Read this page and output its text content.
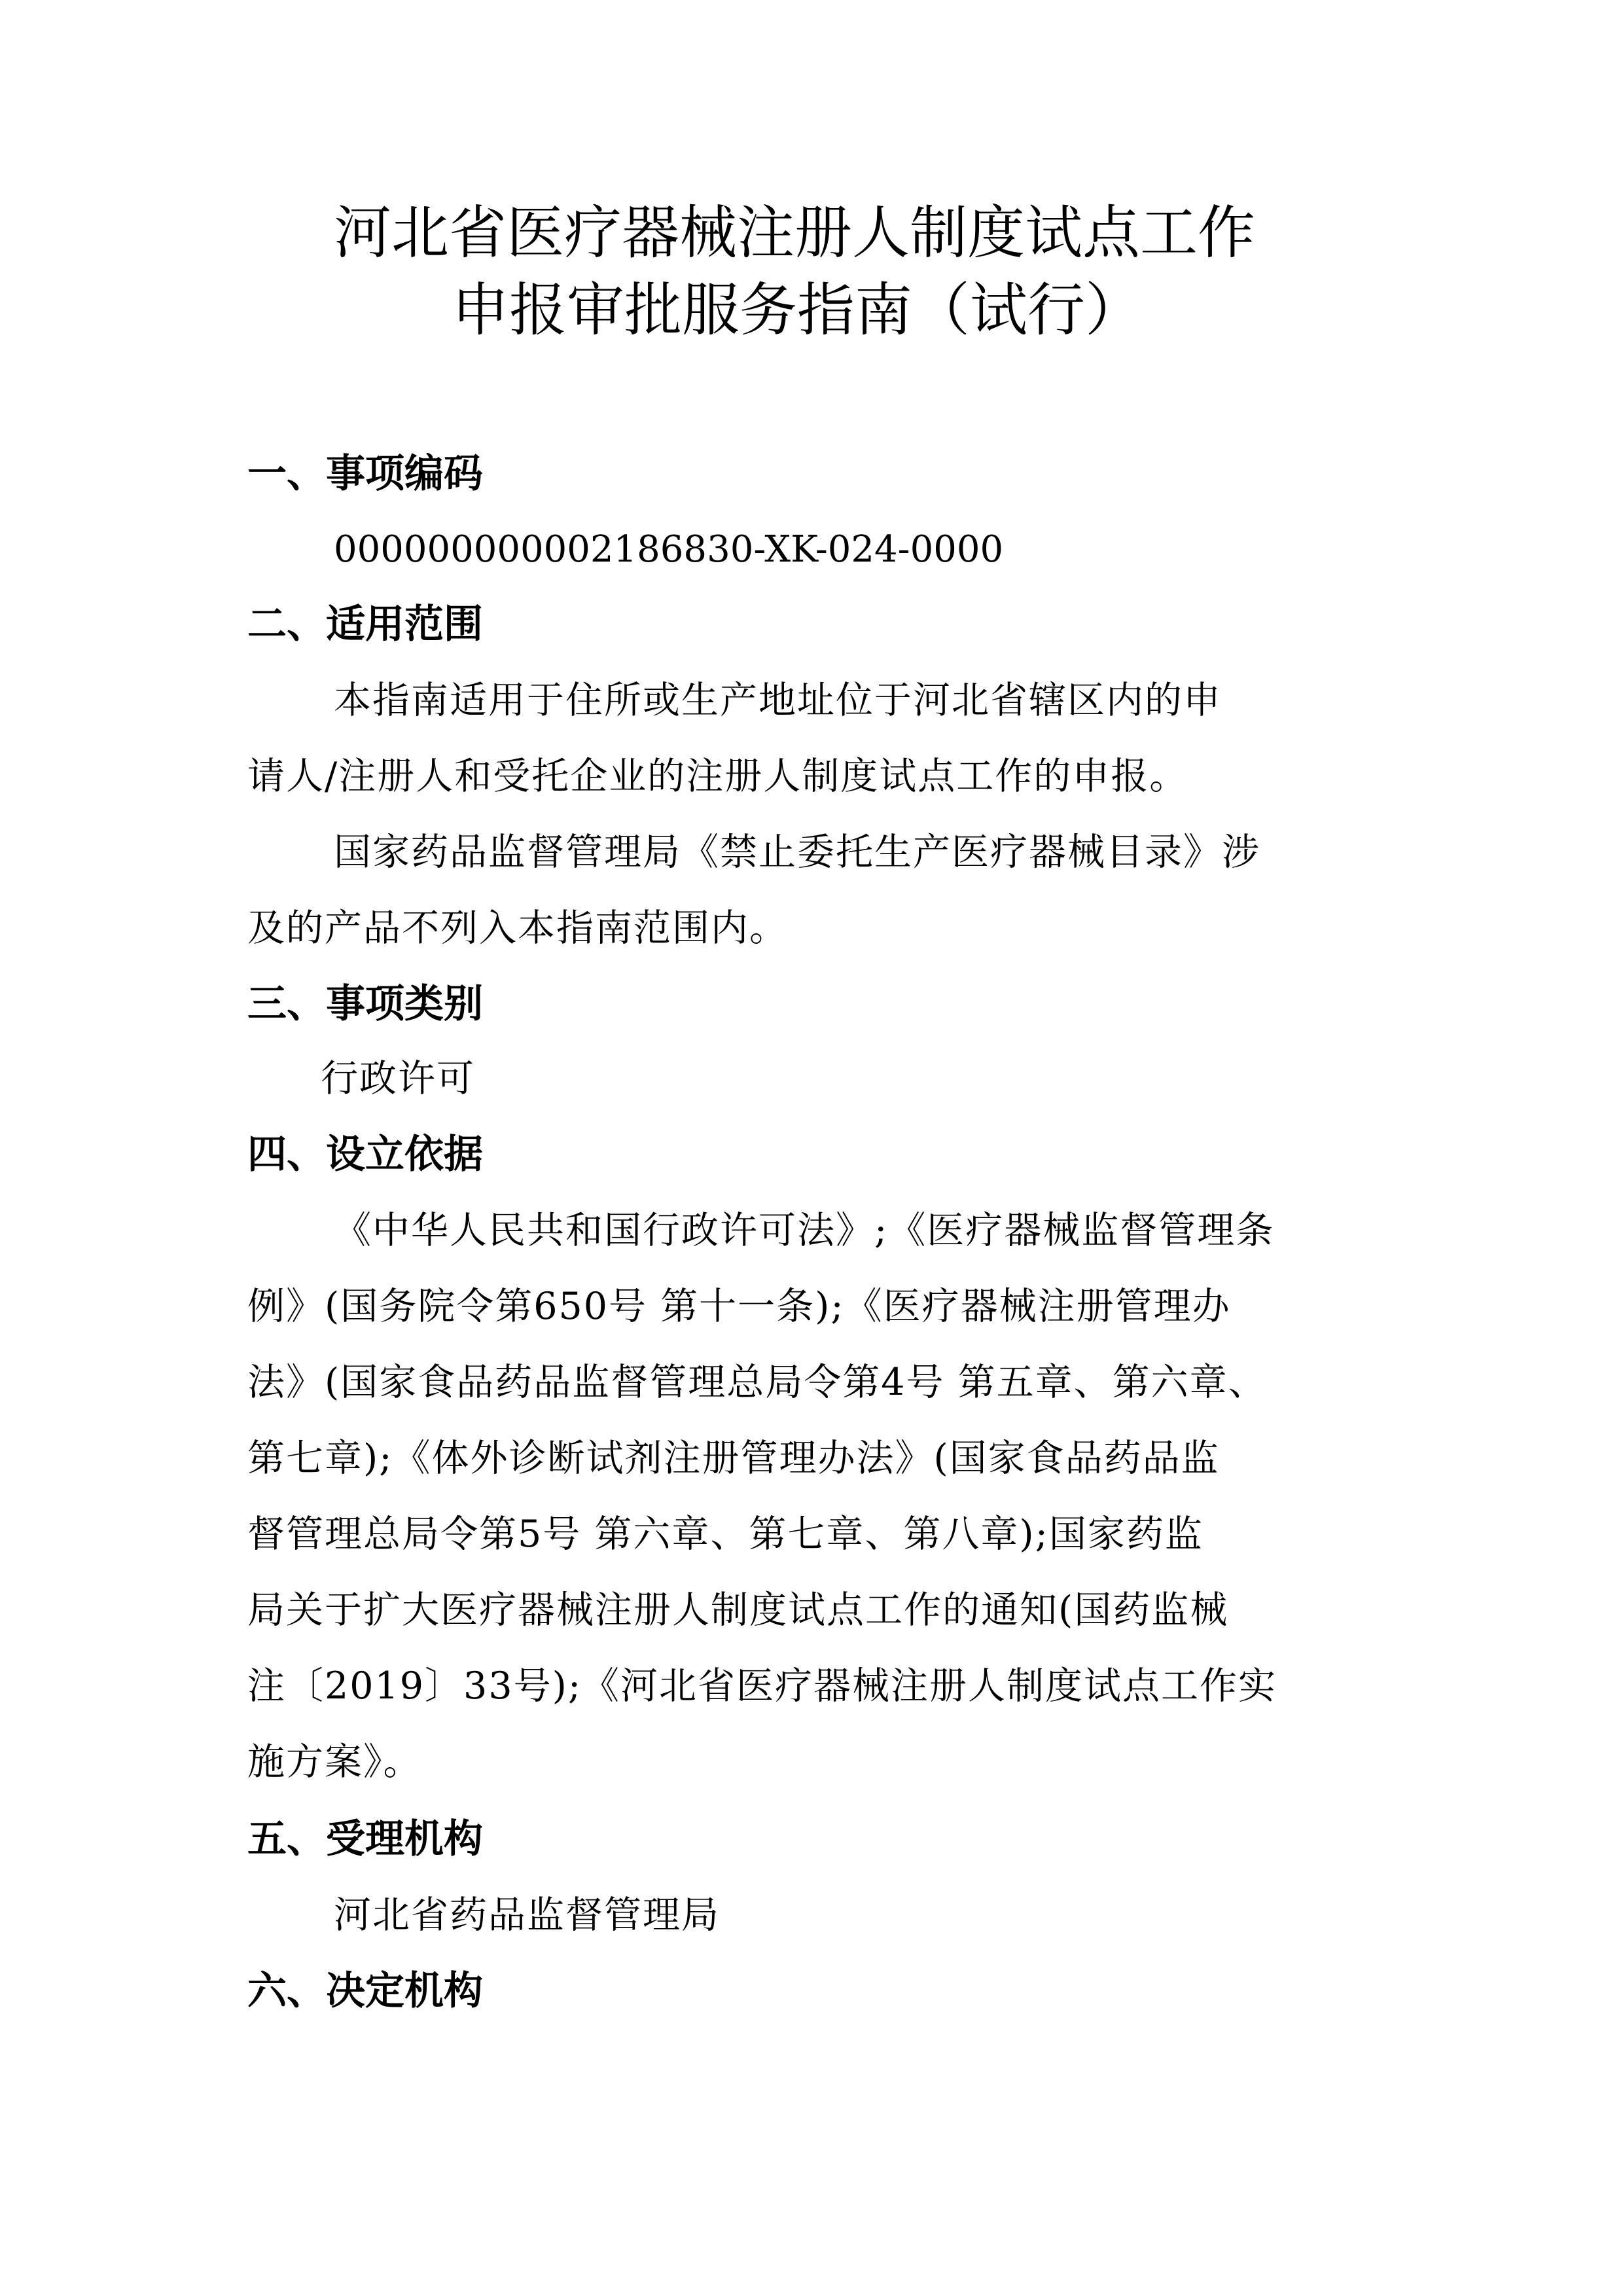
河北省医疗器械注册人制度试点工作
申报审批服务指南（试行）
一、事项编码
000000000002186830-XK-024-0000
二、适用范围
本指南适用于住所或生产地址位于河北省辖区内的申
请人/注册人和受托企业的注册人制度试点工作的申报。
国家药品监督管理局《禁止委托生产医疗器械目录》涉
及的产品不列入本指南范围内。
三、事项类别
行政许可
四、设立依据
《中华人民共和国行政许可法》;《医疗器械监督管理条
例》(国务院令第650号 第十一条);《医疗器械注册管理办
法》(国家食品药品监督管理总局令第4号 第五章、第六章、
第七章);《体外诊断试剂注册管理办法》(国家食品药品监
督管理总局令第5号 第六章、第七章、第八章);国家药监
局关于扩大医疗器械注册人制度试点工作的通知(国药监械
注〔2019〕33号);《河北省医疗器械注册人制度试点工作实
施方案》。
五、受理机构
河北省药品监督管理局
六、决定机构
